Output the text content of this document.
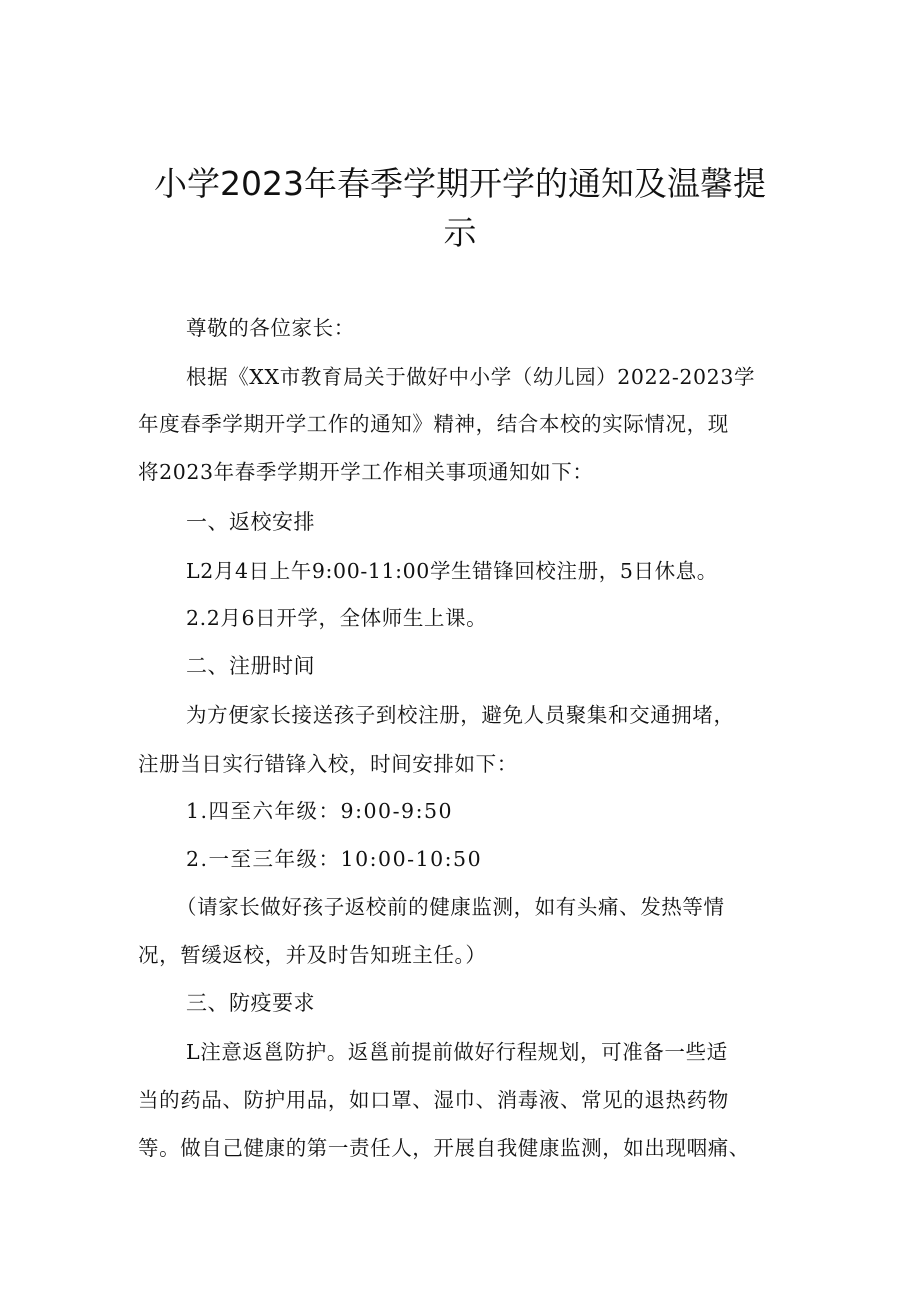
小学2023年春季学期开学的通知及温馨提
示

尊敬的各位家长：

根据《XX市教育局关于做好中小学（幼儿园）2022-2023学

年度春季学期开学工作的通知》精神，结合本校的实际情况，现

将2023年春季学期开学工作相关事项通知如下：

一、返校安排

L2月4日上午9:00-11:00学生错锋回校注册，5日休息。

2.2月6日开学，全体师生上课。

二、注册时间

为方便家长接送孩子到校注册，避免人员聚集和交通拥堵，

注册当日实行错锋入校，时间安排如下：

1.四至六年级：9:00-9:50

2.一至三年级：10:00-10:50

（请家长做好孩子返校前的健康监测，如有头痛、发热等情

况，暂缓返校，并及时告知班主任。）

三、防疫要求

L注意返邕防护。返邕前提前做好行程规划，可准备一些适

当的药品、防护用品，如口罩、湿巾、消毒液、常见的退热药物

等。做自己健康的第一责任人，开展自我健康监测，如出现咽痛、
